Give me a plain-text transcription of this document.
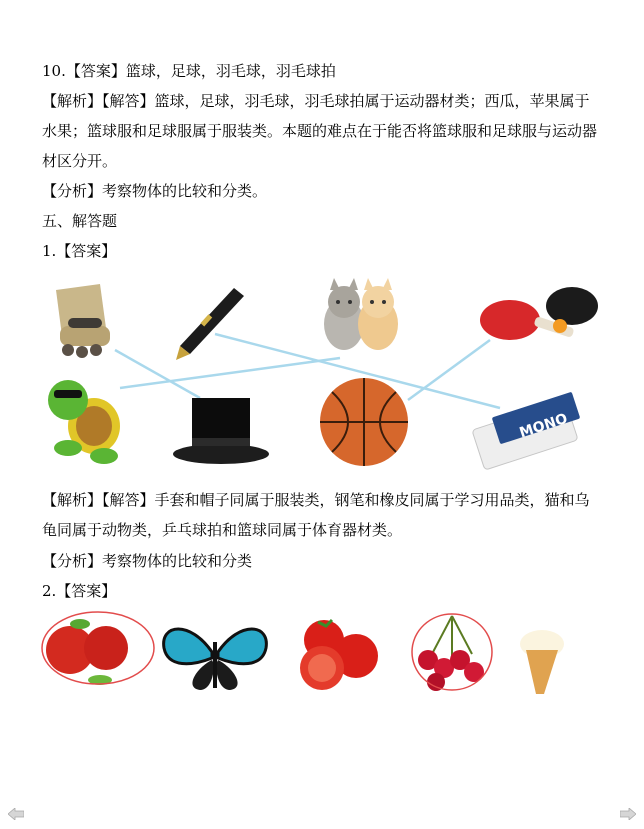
10.【答案】篮球，足球，羽毛球，羽毛球拍
【解析】【解答】篮球，足球，羽毛球，羽毛球拍属于运动器材类；西瓜，苹果属于水果；篮球服和足球服属于服装类。本题的难点在于能否将篮球服和足球服与运动器材区分开。
【分析】考察物体的比较和分类。
五、解答题
1.【答案】
MONO
【解析】【解答】手套和帽子同属于服装类，钢笔和橡皮同属于学习用品类，猫和乌龟同属于动物类，乒乓球拍和篮球同属于体育器材类。
【分析】考察物体的比较和分类
2.【答案】
